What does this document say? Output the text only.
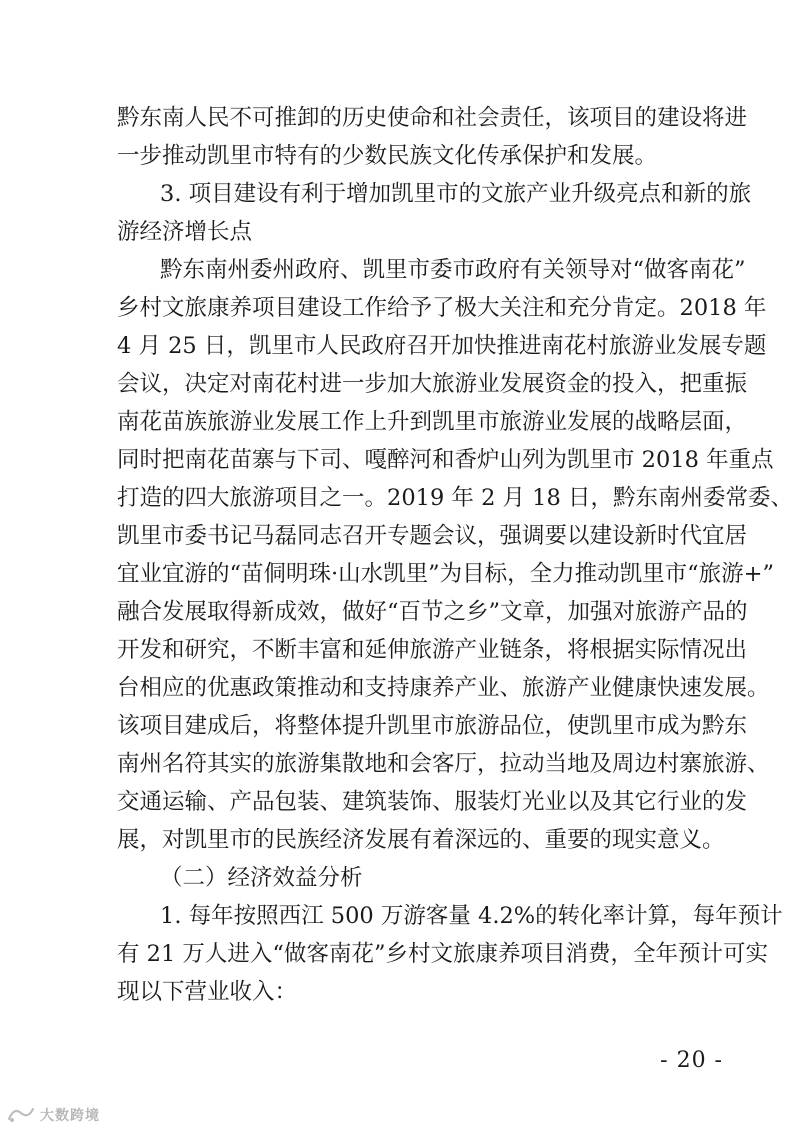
黔东南人民不可推卸的历史使命和社会责任，该项目的建设将进
一步推动凯里市特有的少数民族文化传承保护和发展。
3. 项目建设有利于增加凯里市的文旅产业升级亮点和新的旅
游经济增长点
黔东南州委州政府、凯里市委市政府有关领导对“做客南花”
乡村文旅康养项目建设工作给予了极大关注和充分肯定。2018 年
4 月 25 日，凯里市人民政府召开加快推进南花村旅游业发展专题
会议，决定对南花村进一步加大旅游业发展资金的投入，把重振
南花苗族旅游业发展工作上升到凯里市旅游业发展的战略层面，
同时把南花苗寨与下司、嘎醉河和香炉山列为凯里市 2018 年重点
打造的四大旅游项目之一。2019 年 2 月 18 日，黔东南州委常委、
凯里市委书记马磊同志召开专题会议，强调要以建设新时代宜居
宜业宜游的“苗侗明珠·山水凯里”为目标，全力推动凯里市“旅游+”
融合发展取得新成效，做好“百节之乡”文章，加强对旅游产品的
开发和研究，不断丰富和延伸旅游产业链条，将根据实际情况出
台相应的优惠政策推动和支持康养产业、旅游产业健康快速发展。
该项目建成后，将整体提升凯里市旅游品位，使凯里市成为黔东
南州名符其实的旅游集散地和会客厅，拉动当地及周边村寨旅游、
交通运输、产品包装、建筑装饰、服装灯光业以及其它行业的发
展，对凯里市的民族经济发展有着深远的、重要的现实意义。
（二）经济效益分析
1. 每年按照西江 500 万游客量 4.2%的转化率计算，每年预计
有 21 万人进入“做客南花”乡村文旅康养项目消费，全年预计可实
现以下营业收入：
- 20 -
大数跨境
